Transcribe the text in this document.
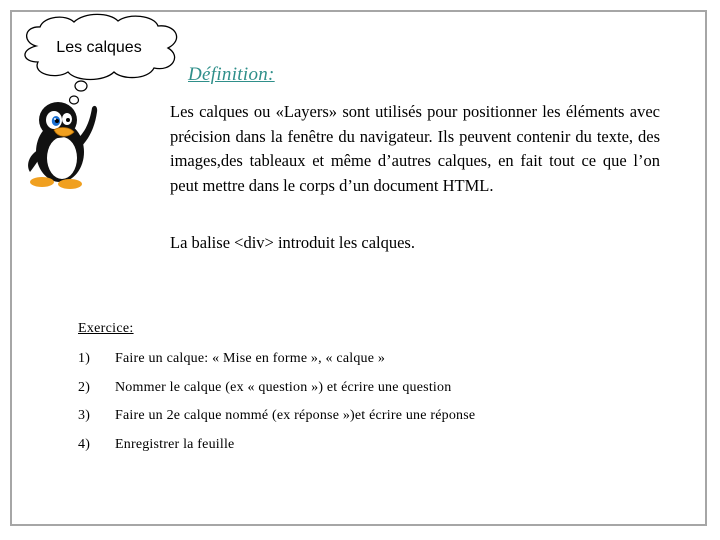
Les calques
Définition:

Les calques ou «Layers» sont utilisés pour positionner les éléments avec précision dans la fenêtre du navigateur. Ils peuvent contenir du texte, des images,des tableaux et même d’autres calques, en fait tout ce que l’on peut mettre dans le corps d’un document HTML.

La balise <div> introduit les calques.
Exercice:
1) Faire un calque: « Mise en forme », « calque »
2) Nommer le calque (ex « question ») et écrire une question
3) Faire un 2e calque nommé (ex réponse »)et écrire une réponse
4) Enregistrer la feuille
